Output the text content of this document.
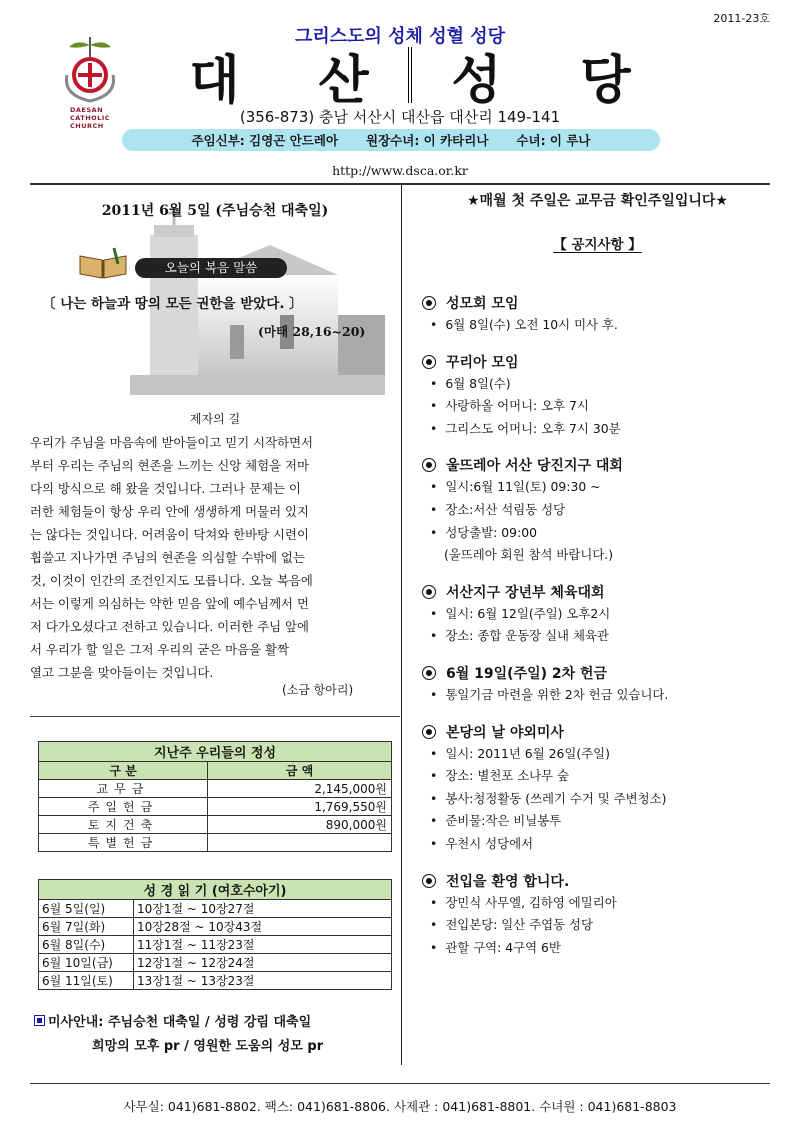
2011-23호
DAESAN
CATHOLIC
CHURCH
그리스도의 성체 성혈 성당
대	산	성	당
(356-873) 충남 서산시 대산읍 대산리 149-141
주임신부: 김영곤 안드레아 원장수녀: 이 카타리나 수녀: 이 루나
http://www.dsca.or.kr
2011년 6월 5일 (주님승천 대축일)
오늘의 복음 말씀
〔 나는 하늘과 땅의 모든 권한을 받았다. 〕
(마태 28,16~20)
제자의 길
우리가 주님을 마음속에 받아들이고 믿기 시작하면서
부터 우리는 주님의 현존을 느끼는 신앙 체험을 저마
다의 방식으로 해 왔을 것입니다. 그러나 문제는 이
러한 체험들이 항상 우리 안에 생생하게 머물러 있지
는 않다는 것입니다. 어려움이 닥쳐와 한바탕 시련이
휩쓸고 지나가면 주님의 현존을 의심할 수밖에 없는
것, 이것이 인간의 조건인지도 모릅니다. 오늘 복음에
서는 이렇게 의심하는 약한 믿음 앞에 예수님께서 먼
저 다가오셨다고 전하고 있습니다. 이러한 주님 앞에
서 우리가 할 일은 그저 우리의 굳은 마음을 활짝
열고 그분을 맞아들이는 것입니다.
(소금 항아리)
지난주 우리들의 정성	
구 분	금 액
교무금	2,145,000원
주일헌금	1,769,550원
토지건축	890,000원
특별헌금	
성 경 읽 기 (여호수아기)	
6월 5일(일)	10장1절 ~ 10장27절
6월 7일(화)	10장28절 ~ 10장43절
6월 8일(수)	11장1절 ~ 11장23절
6월 10일(금)	12장1절 ~ 12장24절
6월 11일(토)	13장1절 ~ 13장23절
미사안내: 주님승천 대축일 / 성령 강림 대축일
희망의 모후 pr / 영원한 도움의 성모 pr
★매월 첫 주일은 교무금 확인주일입니다★
【 공지사항 】
성모회 모임
• 6월 8일(수) 오전 10시 미사 후.
꾸리아 모임
• 6월 8일(수)
• 사랑하올 어머니: 오후 7시
• 그리스도 어머니: 오후 7시 30분
울뜨레아 서산 당진지구 대회
• 일시:6월 11일(토) 09:30 ~
• 장소:서산 석림동 성당
• 성당출발: 09:00
(울뜨레아 회원 참석 바랍니다.)
서산지구 장년부 체육대회
• 일시: 6월 12일(주일) 오후2시
• 장소: 종합 운동장 실내 체육관
6월 19일(주일) 2차 헌금
• 통일기금 마련을 위한 2차 헌금 있습니다.
본당의 날 야외미사
• 일시: 2011년 6월 26일(주일)
• 장소: 별천포 소나무 숲
• 봉사:청정활동 (쓰레기 수거 및 주변청소)
• 준비물:작은 비닐봉투
• 우천시 성당에서
전입을 환영 합니다.
• 장민식 사무엘, 김하영 에밀리아
• 전입본당: 일산 주엽동 성당
• 관할 구역: 4구역 6반
사무실: 041)681-8802. 팩스: 041)681-8806. 사제관 : 041)681-8801. 수녀원 : 041)681-8803
